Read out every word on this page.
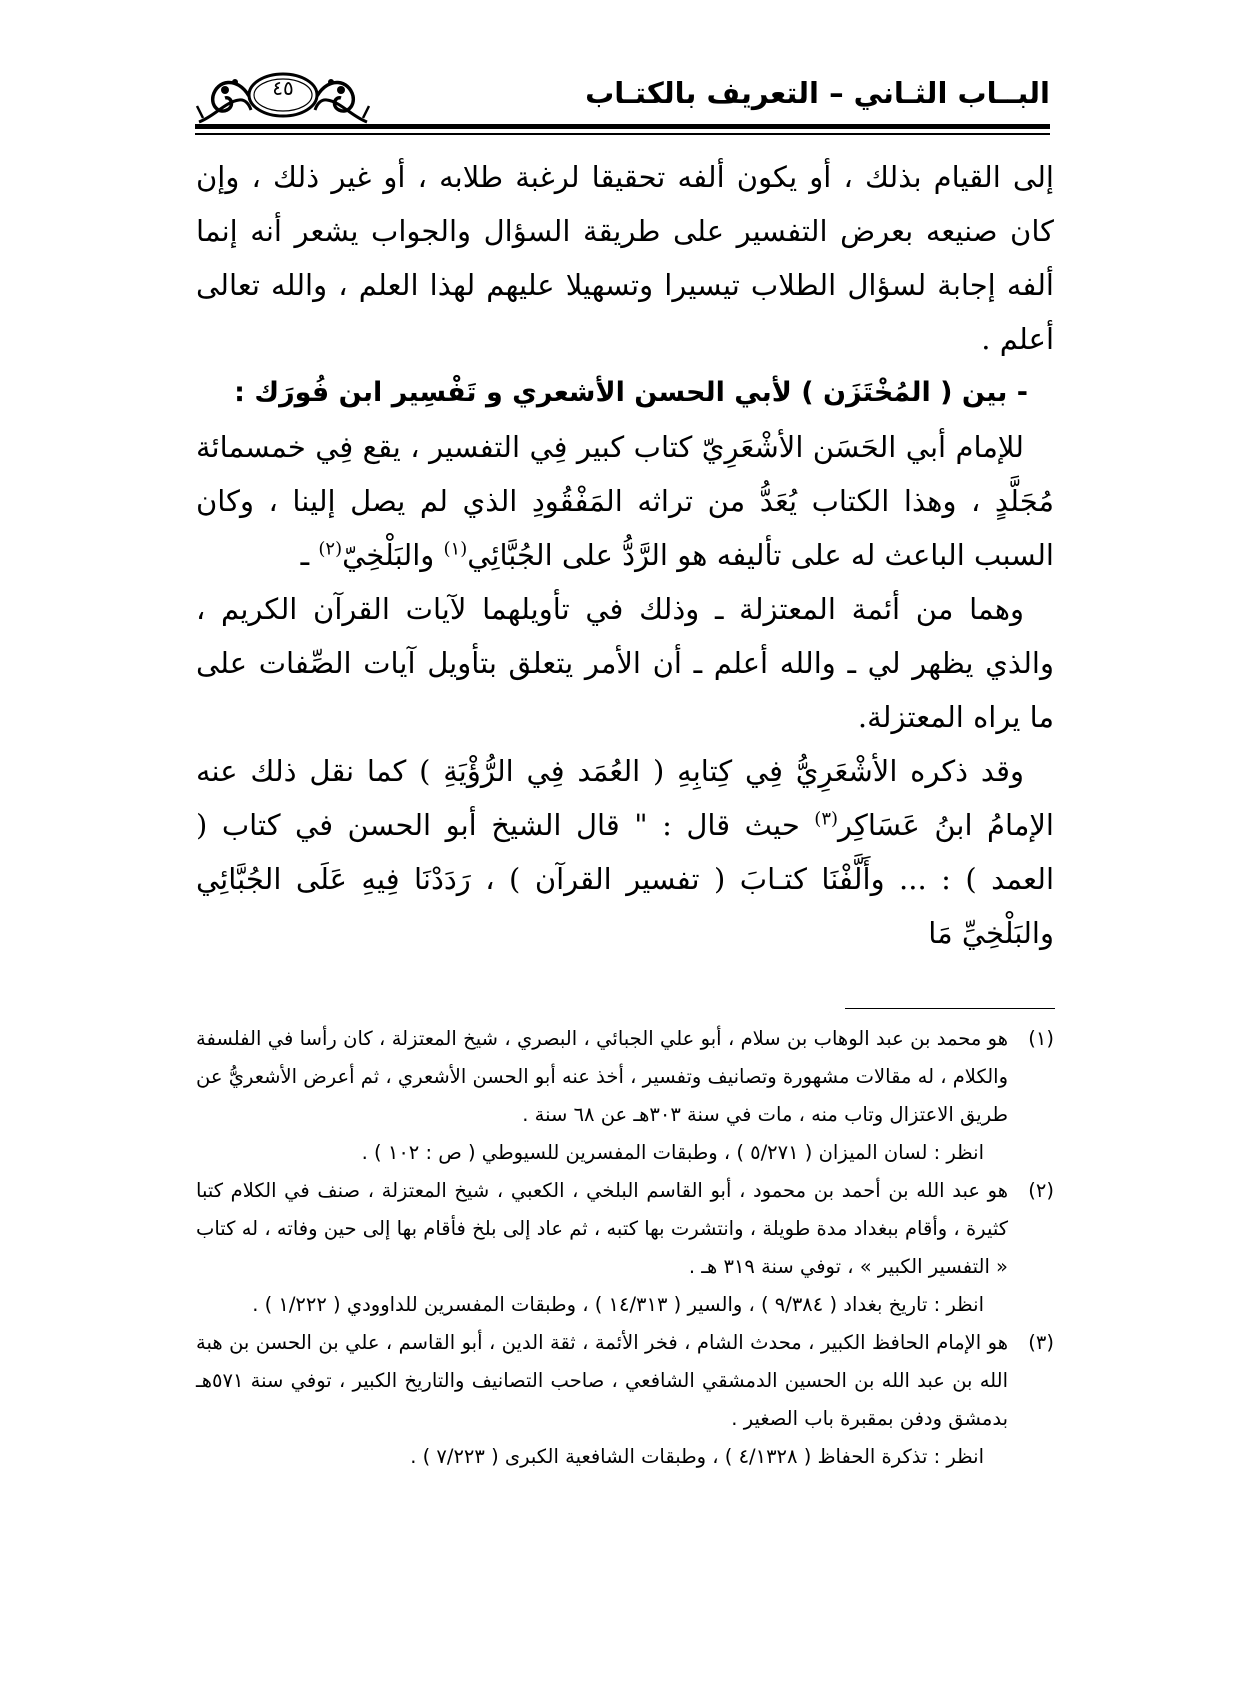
البــاب الثـاني – التعريف بالكتـاب
٤٥

إلى القيام بذلك ، أو يكون ألفه تحقيقا لرغبة طلابه ، أو غير ذلك ، وإن كان صنيعه بعرض التفسير على طريقة السؤال والجواب يشعر أنه إنما ألفه إجابة لسؤال الطلاب تيسيرا وتسهيلا عليهم لهذا العلم ، والله تعالى أعلم .

- بين ( المُخْتَزَن ) لأبي الحسن الأشعري و تَفْسِير ابن فُورَك :

للإمام أبي الحَسَن الأشْعَرِيّ كتاب كبير فِي التفسير ، يقع فِي خمسمائة مُجَلَّدٍ ، وهذا الكتاب يُعَدُّ من تراثه المَفْقُودِ الذي لم يصل إلينا ، وكان السبب الباعث له على تأليفه هو الرَّدُّ على الجُبَّائِي$^{(١)}$ والبَلْخِيّ$^{(٢)}$ ـ

وهما من أئمة المعتزلة ـ وذلك في تأويلهما لآيات القرآن الكريم ، والذي يظهر لي ـ والله أعلم ـ أن الأمر يتعلق بتأويل آيات الصِّفات على ما يراه المعتزلة.

وقد ذكره الأشْعَرِيُّ فِي كِتابِهِ ( العُمَد فِي الرُّؤْيَةِ ) كما نقل ذلك عنه الإمامُ ابنُ عَسَاكِر$^{(٣)}$ حيث قال : " قال الشيخ أبو الحسن في كتاب ( العمد ) : ... وأَلَّفْنَا كتـابَ ( تفسير القرآن ) ، رَدَدْنَا فِيهِ عَلَى الجُبَّائِي والبَلْخِيِّ مَا

(١)
هو محمد بن عبد الوهاب بن سلام ، أبو علي الجبائي ، البصري ، شيخ المعتزلة ، كان رأسا في الفلسفة والكلام ، له مقالات مشهورة وتصانيف وتفسير ، أخذ عنه أبو الحسن الأشعري ، ثم أعرض الأشعريُّ عن طريق الاعتزال وتاب منه ، مات في سنة ٣٠٣هـ عن ٦٨ سنة .
انظر : لسان الميزان ( ٥/٢٧١ ) ، وطبقات المفسرين للسيوطي ( ص : ١٠٢ ) .
(٢)
هو عبد الله بن أحمد بن محمود ، أبو القاسم البلخي ، الكعبي ، شيخ المعتزلة ، صنف في الكلام كتبا كثيرة ، وأقام ببغداد مدة طويلة ، وانتشرت بها كتبه ، ثم عاد إلى بلخ فأقام بها إلى حين وفاته ، له كتاب « التفسير الكبير » ، توفي سنة ٣١٩ هـ .
انظر : تاريخ بغداد ( ٩/٣٨٤ ) ، والسير ( ١٤/٣١٣ ) ، وطبقات المفسرين للداوودي ( ١/٢٢٢ ) .
(٣)
هو الإمام الحافظ الكبير ، محدث الشام ، فخر الأئمة ، ثقة الدين ، أبو القاسم ، علي بن الحسن بن هبة الله بن عبد الله بن الحسين الدمشقي الشافعي ، صاحب التصانيف والتاريخ الكبير ، توفي سنة ٥٧١هـ بدمشق ودفن بمقبرة باب الصغير .
انظر : تذكرة الحفاظ ( ٤/١٣٢٨ ) ، وطبقات الشافعية الكبرى ( ٧/٢٢٣ ) .
